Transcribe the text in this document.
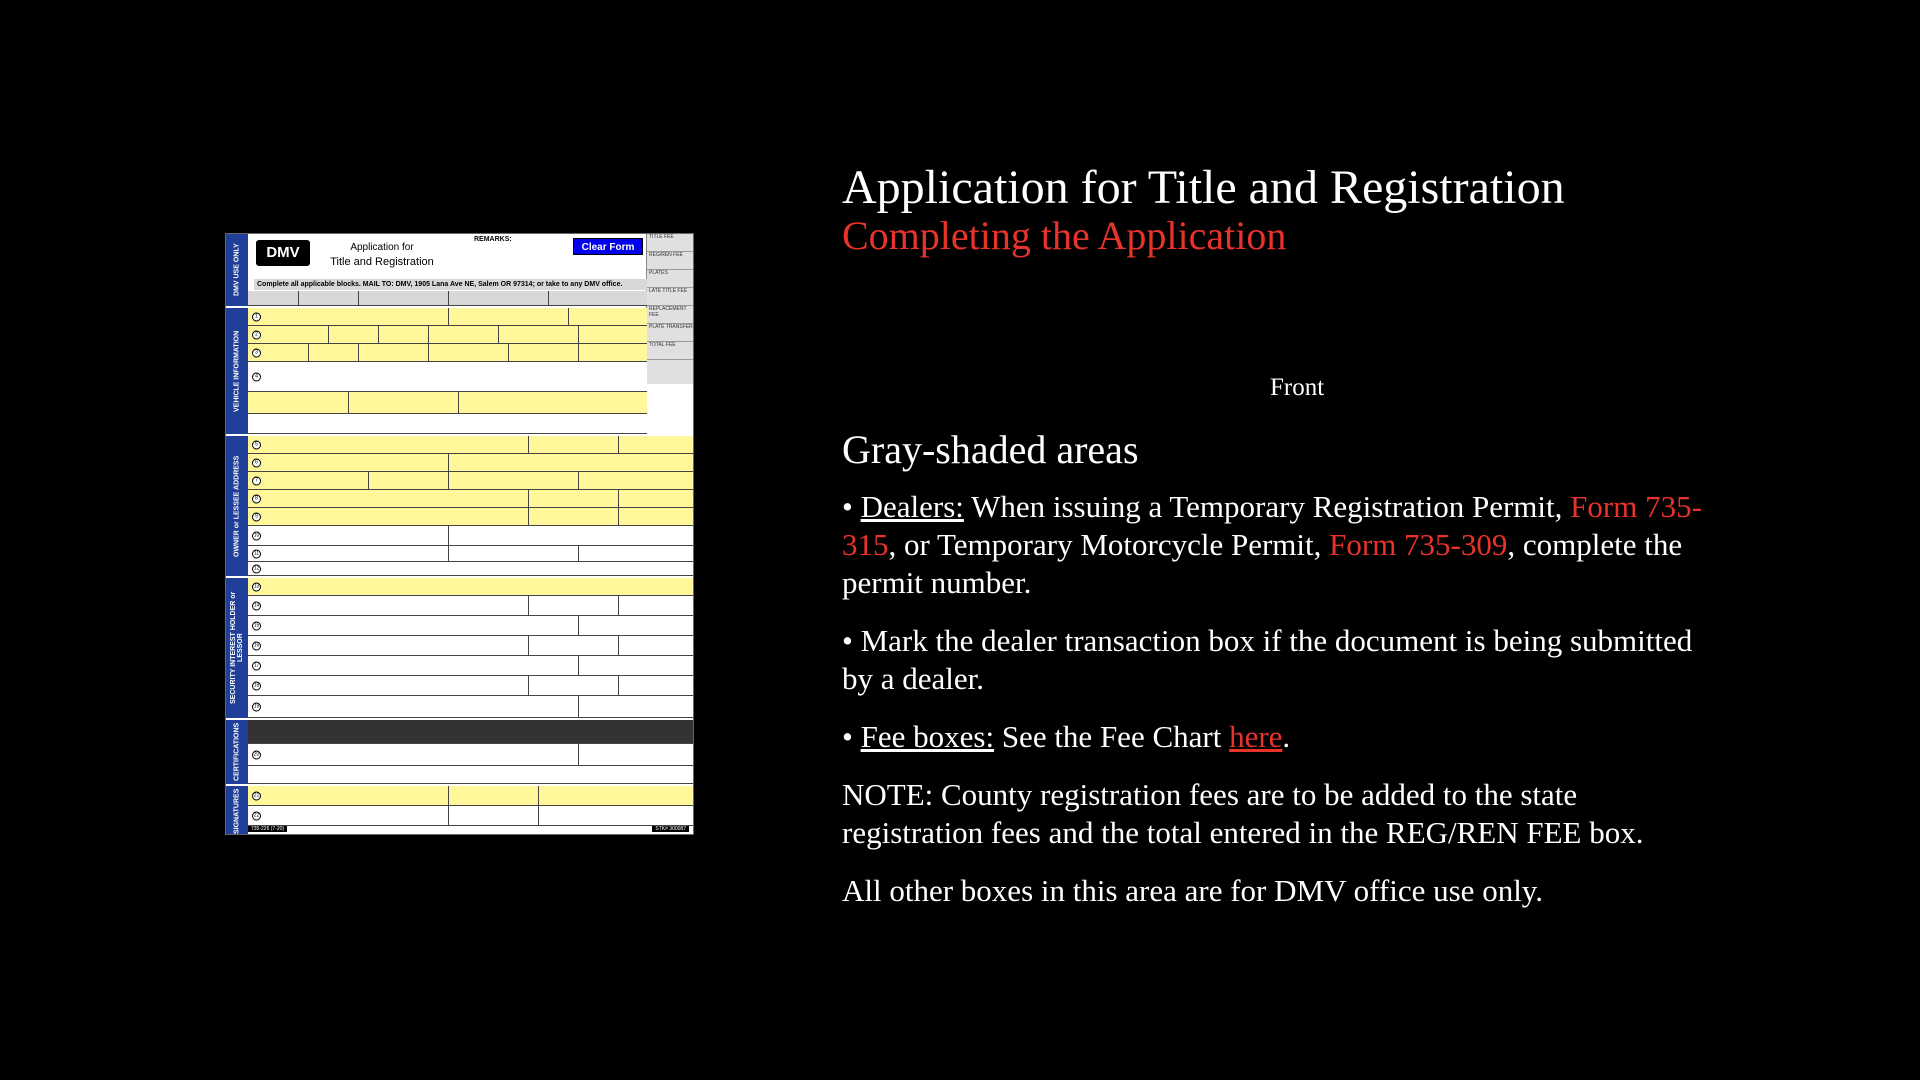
DMV USE ONLY
VEHICLE INFORMATION
OWNER or LESSEE ADDRESS
SECURITY INTEREST HOLDER or LESSOR
CERTIFICATIONS
SIGNATURES
DMV	Application for
Title and Registration
REMARKS:
Clear Form
TITLE FEE
REG/REN FEE
PLATES
LATE TITLE FEE
REPLACEMENT FEE
PLATE TRANSFER
TOTAL FEE
Complete all applicable blocks. MAIL TO: DMV, 1905 Lana Ave NE, Salem OR 97314; or take to any DMV office.
1
2
3
4
5
6
7
8
9
10
11
12
13
14
15
16
17
18
19
20
21
22
735-226 (7-20)	STK# 300087
Application for Title and Registration
Completing the Application
Front
Gray-shaded areas

• Dealers: When issuing a Temporary Registration Permit, Form 735-315, or Temporary Motorcycle Permit, Form 735-309, complete the permit number.

• Mark the dealer transaction box if the document is being submitted by a dealer.

• Fee boxes: See the Fee Chart here.

NOTE: County registration fees are to be added to the state registration fees and the total entered in the REG/REN FEE box.

All other boxes in this area are for DMV office use only.
